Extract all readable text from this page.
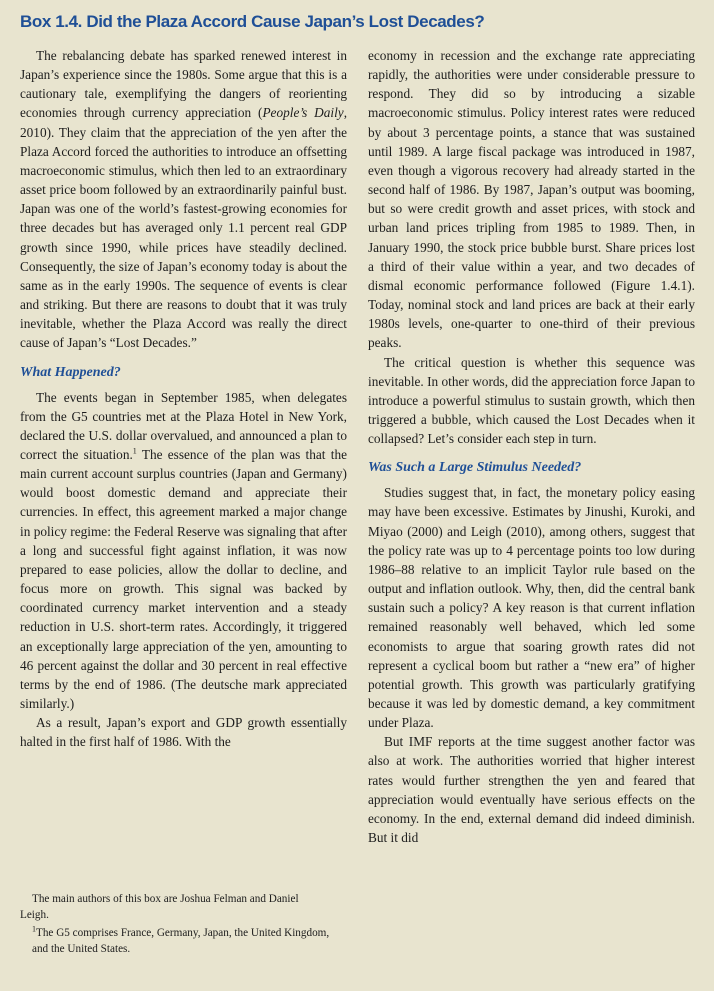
Box 1.4. Did the Plaza Accord Cause Japan’s Lost Decades?

The rebalancing debate has sparked renewed interest in Japan’s experience since the 1980s. Some argue that this is a cautionary tale, exemplifying the dangers of reorienting economies through currency appreciation (People’s Daily, 2010). They claim that the appreciation of the yen after the Plaza Accord forced the authorities to introduce an offsetting macroeconomic stimulus, which then led to an extraordinary asset price boom followed by an extraordinarily painful bust. Japan was one of the world’s fastest-growing economies for three decades but has averaged only 1.1 percent real GDP growth since 1990, while prices have steadily declined. Consequently, the size of Japan’s economy today is about the same as in the early 1990s. The sequence of events is clear and striking. But there are reasons to doubt that it was truly inevitable, whether the Plaza Accord was really the direct cause of Japan’s “Lost Decades.”

What Happened?

The events began in September 1985, when delegates from the G5 countries met at the Plaza Hotel in New York, declared the U.S. dollar overvalued, and announced a plan to correct the situation.$^1$ The essence of the plan was that the main current account surplus countries (Japan and Germany) would boost domestic demand and appreciate their currencies. In effect, this agreement marked a major change in policy regime: the Federal Reserve was signaling that after a long and successful fight against inflation, it was now prepared to ease policies, allow the dollar to decline, and focus more on growth. This signal was backed by coordinated currency market intervention and a steady reduction in U.S. short-term rates. Accordingly, it triggered an exceptionally large appreciation of the yen, amounting to 46 percent against the dollar and 30 percent in real effective terms by the end of 1986. (The deutsche mark appreciated similarly.)

As a result, Japan’s export and GDP growth essentially halted in the first half of 1986. With the

The main authors of this box are Joshua Felman and Daniel Leigh.

$^1$The G5 comprises France, Germany, Japan, the United Kingdom, and the United States.

economy in recession and the exchange rate appreciating rapidly, the authorities were under considerable pressure to respond. They did so by introducing a sizable macroeconomic stimulus. Policy interest rates were reduced by about 3 percentage points, a stance that was sustained until 1989. A large fiscal package was introduced in 1987, even though a vigorous recovery had already started in the second half of 1986. By 1987, Japan’s output was booming, but so were credit growth and asset prices, with stock and urban land prices tripling from 1985 to 1989. Then, in January 1990, the stock price bubble burst. Share prices lost a third of their value within a year, and two decades of dismal economic performance followed (Figure 1.4.1). Today, nominal stock and land prices are back at their early 1980s levels, one-quarter to one-third of their previous peaks.

The critical question is whether this sequence was inevitable. In other words, did the appreciation force Japan to introduce a powerful stimulus to sustain growth, which then triggered a bubble, which caused the Lost Decades when it collapsed? Let’s consider each step in turn.

Was Such a Large Stimulus Needed?

Studies suggest that, in fact, the monetary policy easing may have been excessive. Estimates by Jinushi, Kuroki, and Miyao (2000) and Leigh (2010), among others, suggest that the policy rate was up to 4 percentage points too low during 1986–88 relative to an implicit Taylor rule based on the output and inflation outlook. Why, then, did the central bank sustain such a policy? A key reason is that current inflation remained reasonably well behaved, which led some economists to argue that soaring growth rates did not represent a cyclical boom but rather a “new era” of higher potential growth. This growth was particularly gratifying because it was led by domestic demand, a key commitment under Plaza.

But IMF reports at the time suggest another factor was also at work. The authorities worried that higher interest rates would further strengthen the yen and feared that appreciation would eventually have serious effects on the economy. In the end, external demand did indeed diminish. But it did
